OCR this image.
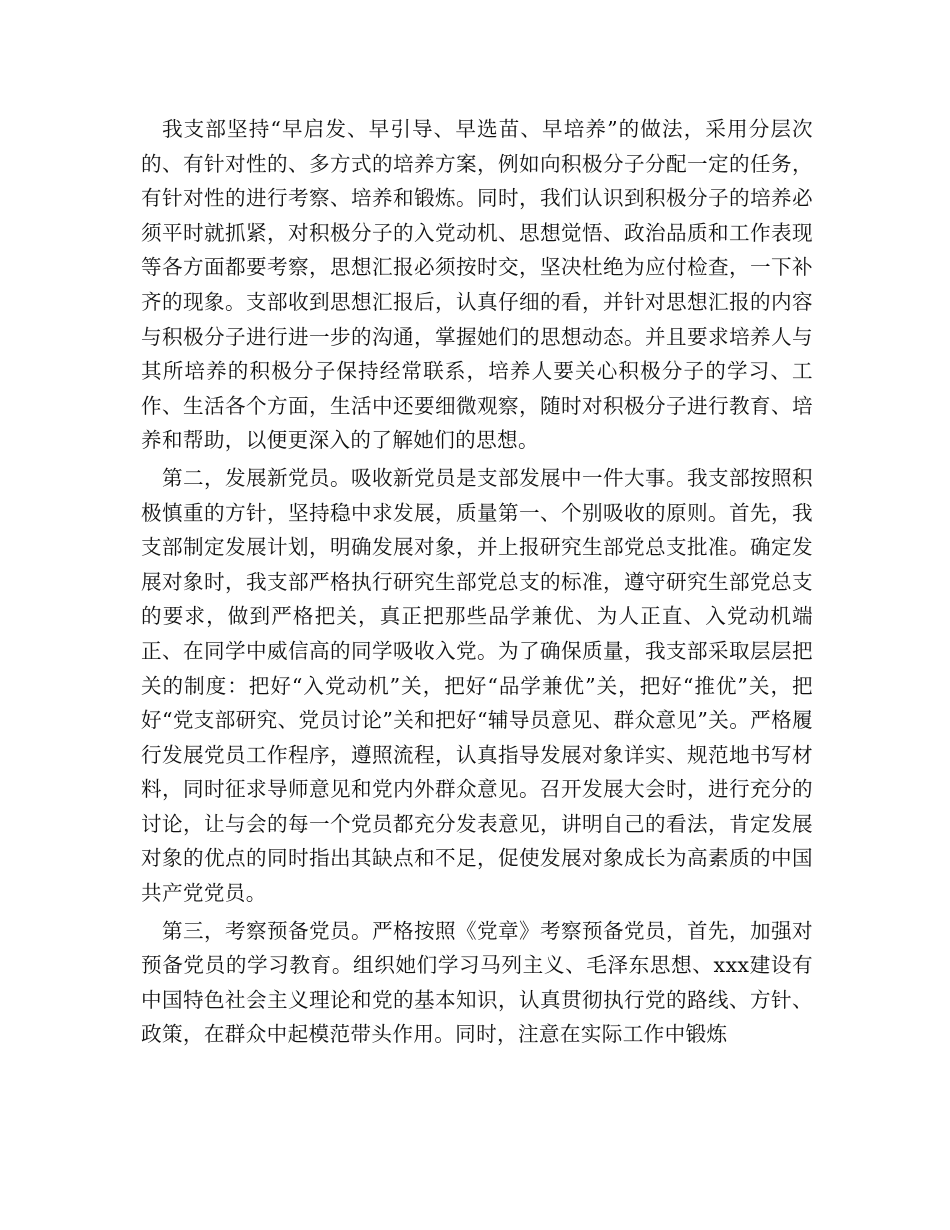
我支部坚持“早启发、早引导、早选苗、早培养”的做法，采用分层次的、有针对性的、多方式的培养方案，例如向积极分子分配一定的任务，有针对性的进行考察、培养和锻炼。同时，我们认识到积极分子的培养必须平时就抓紧，对积极分子的入党动机、思想觉悟、政治品质和工作表现等各方面都要考察，思想汇报必须按时交，坚决杜绝为应付检查，一下补齐的现象。支部收到思想汇报后，认真仔细的看，并针对思想汇报的内容与积极分子进行进一步的沟通，掌握她们的思想动态。并且要求培养人与其所培养的积极分子保持经常联系，培养人要关心积极分子的学习、工作、生活各个方面，生活中还要细微观察，随时对积极分子进行教育、培养和帮助，以便更深入的了解她们的思想。

第二，发展新党员。吸收新党员是支部发展中一件大事。我支部按照积极慎重的方针，坚持稳中求发展，质量第一、个别吸收的原则。首先，我支部制定发展计划，明确发展对象，并上报研究生部党总支批准。确定发展对象时，我支部严格执行研究生部党总支的标准，遵守研究生部党总支的要求，做到严格把关，真正把那些品学兼优、为人正直、入党动机端正、在同学中威信高的同学吸收入党。为了确保质量，我支部采取层层把关的制度：把好“入党动机”关，把好“品学兼优”关，把好“推优”关，把好“党支部研究、党员讨论”关和把好“辅导员意见、群众意见”关。严格履行发展党员工作程序，遵照流程，认真指导发展对象详实、规范地书写材料，同时征求导师意见和党内外群众意见。召开发展大会时，进行充分的讨论，让与会的每一个党员都充分发表意见，讲明自己的看法，肯定发展对象的优点的同时指出其缺点和不足，促使发展对象成长为高素质的中国共产党党员。

第三，考察预备党员。严格按照《党章》考察预备党员，首先，加强对预备党员的学习教育。组织她们学习马列主义、毛泽东思想、xxx建设有中国特色社会主义理论和党的基本知识，认真贯彻执行党的路线、方针、政策，在群众中起模范带头作用。同时，注意在实际工作中锻炼
